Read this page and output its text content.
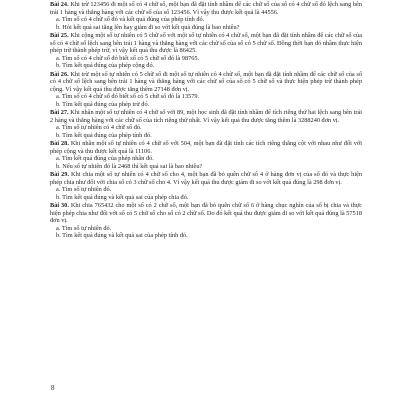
Bài 24. Khi trừ 123456 đi một số có 4 chữ số, một bạn đã đặt tính nhầm để các chữ số của số có 4 chữ số đó lệch sang bên trái 1 hàng và thẳng hàng với các chữ số của số 123456. Vì vậy thu được kết quả là 44556.

a. Tìm số có 4 chữ số đó và kết quả đúng của phép tính đó.

b. Hỏi kết quả sai tăng lên hay giảm đi so với kết quả đúng là bao nhiêu?

Bài 25. Khi cộng một số tự nhiên có 5 chữ số với một số tự nhiên có 4 chữ số, một bạn đã đặt tính nhầm để các chữ số của số có 4 chữ số lệch sang bên trái 1 hàng và thẳng hàng với các chữ số của số có 5 chữ số. Đồng thời bạn đó nhầm thực hiện phép trừ thành phép trừ, vì vậy kết quả thu được là 86425.

a. Tìm số có 4 chữ số đó biết số có 5 chữ số đó là 98765.

b. Tìm kết quả đúng của phép cộng đó.

Bài 26. Khi trừ một số tự nhiên có 5 chữ số đi một số tự nhiên có 4 chữ số, một bạn đã đặt tính nhầm để các chữ số của số có 4 chữ số lệch sang bên trái 1 hàng và thẳng hàng với các chữ số của số có 5 chữ số và thực hiện phép trừ thành phép cộng. Vì vậy kết quả thu được tăng thêm 27148 đơn vị.

a. Tìm số có 4 chữ số đó biết số có 5 chữ số đó là 13579.

b. Tìm kết quả đúng của phép trừ đó.

Bài 27. Khi nhân một số tự nhiên có 4 chữ số với 89, một học sinh đã đặt tính nhầm để tích riêng thứ hai lệch sang bên trái 2 hàng và thẳng hàng với các chữ số của tích riêng thứ nhất. Vì vậy kết quả thu được tăng thêm là 3288240 đơn vị.

a. Tìm số tự nhiên có 4 chữ số đó.

b. Tìm kết quả đúng của phép tính đó.

Bài 28. Khi nhân một số tự nhiên có 4 chữ số với 504, một bạn đã đặt tính các tích riêng thẳng cột với nhau như đối với phép cộng và thu được kết quả là 11106.

a. Tìm kết quả đúng của phép nhân đó.

b. Nếu số tự nhiên đó là 2468 thì kết quả sai là bao nhiêu?

Bài 29. Khi chia một số tự nhiên có 4 chữ số cho 4, một bạn đã bỏ quên chữ số 4 ở hàng đơn vị của số đó và thực hiện phép chia như đối với chia số có 3 chữ số cho 4. Vì vậy kết quả thu được giảm đi so với kết quả đúng là 298 đơn vị.

a. Tìm số tự nhiên đó.

b. Tìm kết quả đúng và kết quả sai của phép chia đó.

Bài 30. Khi chia 765432 cho một số có 2 chữ số, một bạn đã bỏ quên chữ số 6 ở hàng chục nghìn của số bị chia và thực hiện phép chia như đối với số có 5 chữ số cho số có 2 chữ số. Do đó kết quả thu được giảm đi so với kết quả đúng là 57518 đơn vị.

a. Tìm số tự nhiên đó.

b. Tìm kết quả đúng và kết quả sai của phép tính đó.

8
